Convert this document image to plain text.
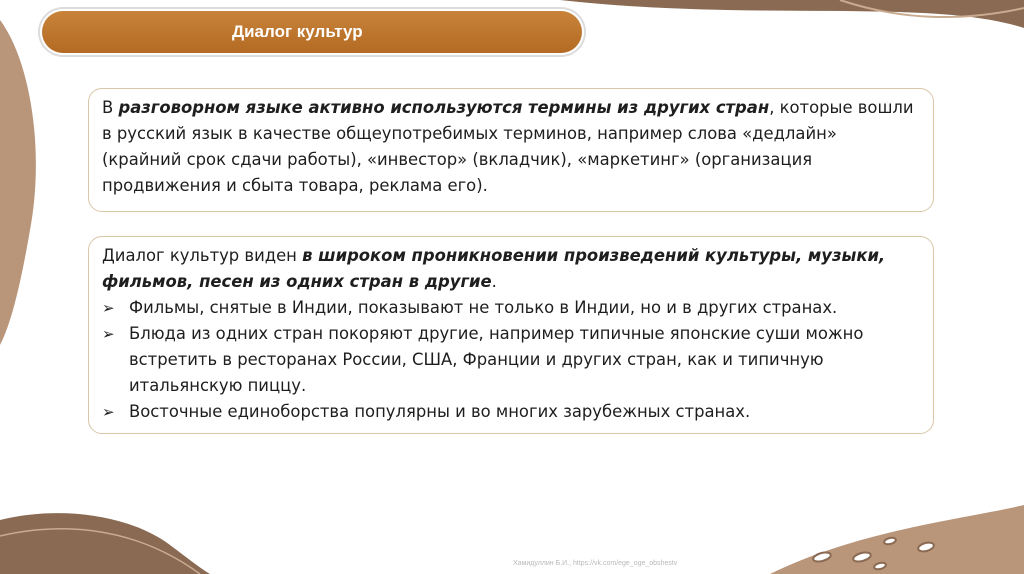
Диалог культур

В разговорном языке активно используются термины из других стран, которые вошли в русский язык в качестве общеупотребимых терминов, например слова «дедлайн» (крайний срок сдачи работы), «инвестор» (вкладчик), «маркетинг» (организация продвижения и сбыта товара, реклама его).

Диалог культур виден в широком проникновении произведений культуры, музыки, фильмов, песен из одних стран в другие.

➢ Фильмы, снятые в Индии, показывают не только в Индии, но и в других странах.
➢ Блюда из одних стран покоряют другие, например типичные японские суши можно встретить в ресторанах России, США, Франции и других стран, как и типичную итальянскую пиццу.
➢ Восточные единоборства популярны и во многих зарубежных странах.
Хамидуллин Б.И., https://vk.com/ege_oge_obshestv
